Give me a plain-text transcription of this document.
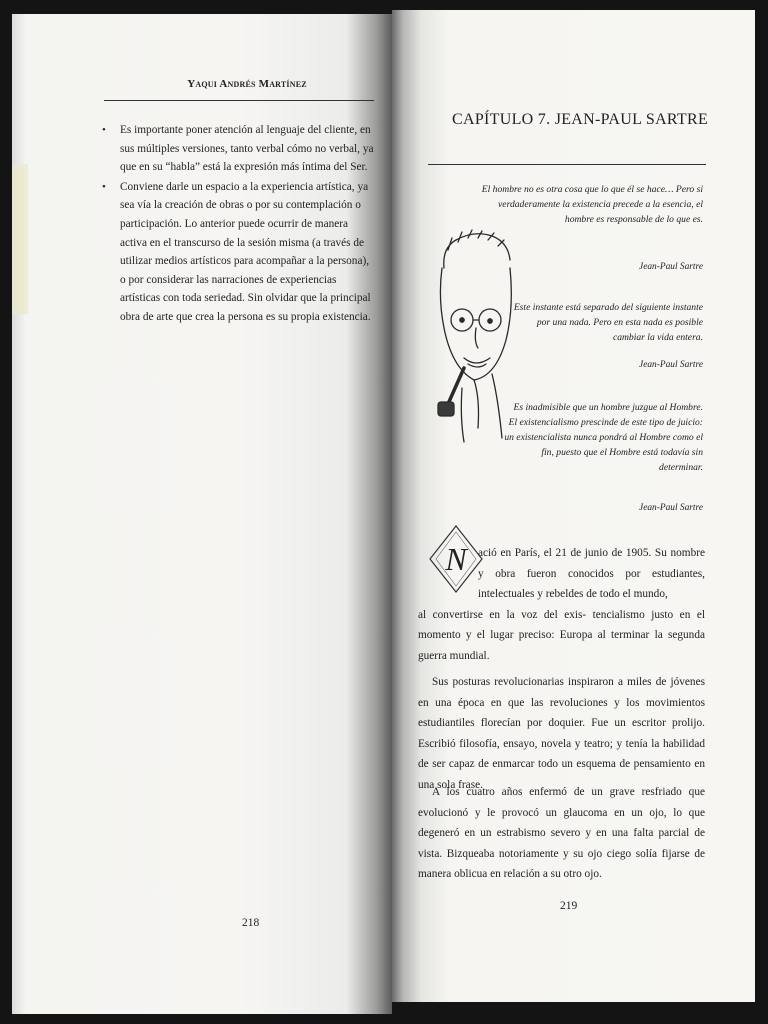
Yaqui Andrés Martínez
• Es importante poner atención al lenguaje del cliente, en sus múltiples versiones, tanto verbal cómo no verbal, ya que en su “habla” está la expresión más íntima del Ser.
• Conviene darle un espacio a la experiencia artística, ya sea vía la creación de obras o por su contemplación o participación. Lo anterior puede ocurrir de manera activa en el transcurso de la sesión misma (a través de utilizar medios artísticos para acompañar a la persona), o por considerar las narraciones de experiencias artísticas con toda seriedad. Sin olvidar que la principal obra de arte que crea la persona es su propia existencia.
218
CAPÍTULO 7. JEAN-PAUL SARTRE
El hombre no es otra cosa que lo que él se hace… Pero si verdaderamente la existencia precede a la esencia, el hombre es responsable de lo que es.
Jean-Paul Sartre
Este instante está separado del siguiente instante por una nada. Pero en esta nada es posible cambiar la vida entera.
Jean-Paul Sartre
Es inadmisible que un hombre juzgue al Hombre. El existencialismo prescinde de este tipo de juicio: un existencialista nunca pondrá al Hombre como el fin, puesto que el Hombre está todavía sin determinar.
Jean-Paul Sartre
N ació en París, el 21 de junio de 1905. Su nombre y obra fueron conocidos por estudiantes, intelectuales y rebeldes de todo el mundo,
al convertirse en la voz del exis- tencialismo justo en el momento y el lugar preciso: Europa al terminar la segunda guerra mundial.
Sus posturas revolucionarias inspiraron a miles de jóvenes en una época en que las revoluciones y los movimientos estudiantiles florecían por doquier. Fue un escritor prolijo. Escribió filosofía, ensayo, novela y teatro; y tenía la habilidad de ser capaz de enmarcar todo un esquema de pensamiento en una sola frase.
A los cuatro años enfermó de un grave resfriado que evolucionó y le provocó un glaucoma en un ojo, lo que degeneró en un estrabismo severo y en una falta parcial de vista. Bizqueaba notoriamente y su ojo ciego solía fijarse de manera oblicua en relación a su otro ojo.
219
